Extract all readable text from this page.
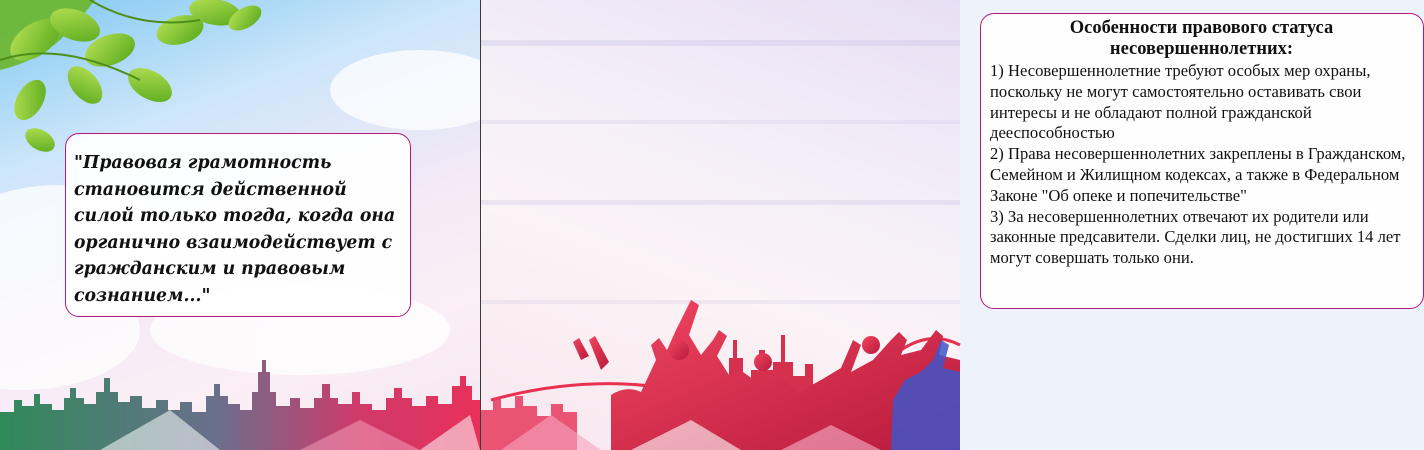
"Правовая грамотность становится действенной силой только тогда, когда она органично взаимодействует с гражданским и правовым сознанием..."

Особенности правового статуса несовершеннолетних:

1) Несовершеннолетние требуют особых мер охраны, поскольку не могут самостоятельно оставивать свои интересы и не обладают полной гражданской дееспособностью

2) Права несовершеннолетних закреплены в Гражданском, Семейном и Жилищном кодексах, а также в Федеральном Законе "Об опеке и попечительстве"

3) За несовершеннолетних отвечают их родители или законные предсавители. Сделки лиц, не достигших 14 лет могут совершать только они.
